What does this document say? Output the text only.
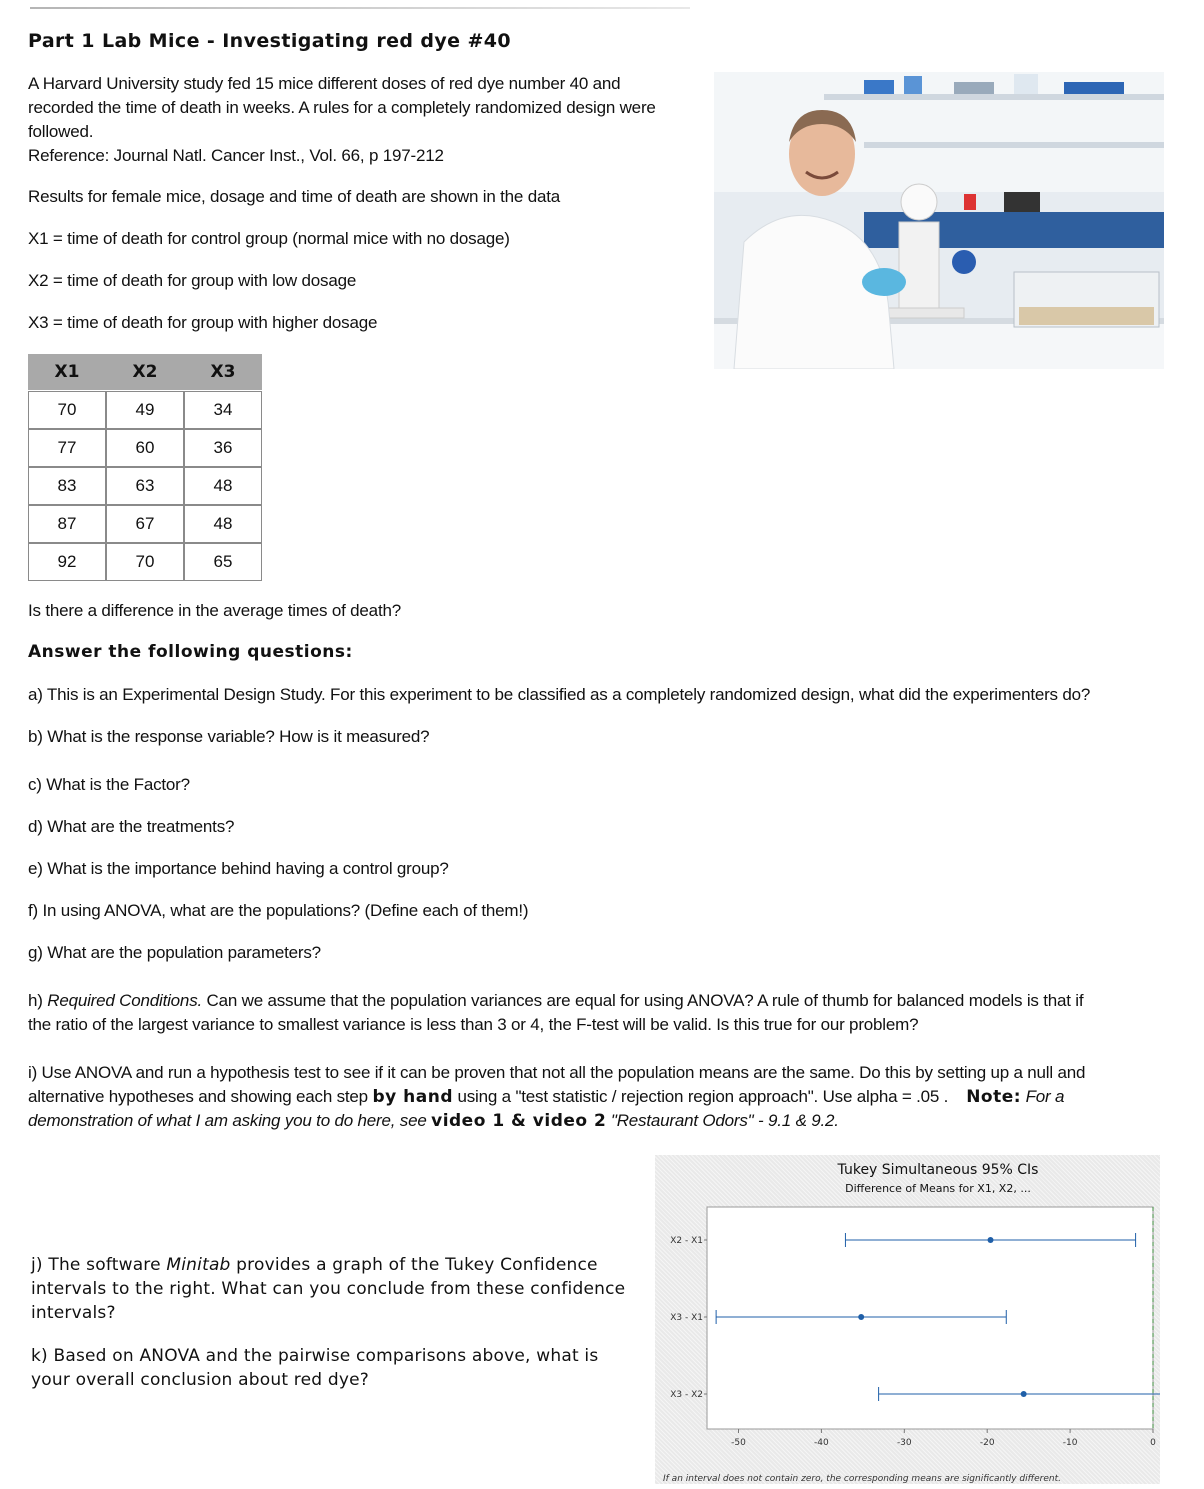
Part 1 Lab Mice - Investigating red dye #40
A Harvard University study fed 15 mice different doses of red dye number 40 and
recorded the time of death in weeks. A rules for a completely randomized design were
followed.
Reference: Journal Natl. Cancer Inst., Vol. 66, p 197-212
Results for female mice, dosage and time of death are shown in the data
X1 = time of death for control group (normal mice with no dosage)
X2 = time of death for group with low dosage
X3 = time of death for group with higher dosage
X1	X2	X3

70	49	34
77	60	36
83	63	48
87	67	48
92	70	65
Is there a difference in the average times of death?
Answer the following questions:
a) This is an Experimental Design Study. For this experiment to be classified as a completely randomized design, what did the experimenters do?
b) What is the response variable? How is it measured?
c) What is the Factor?
d) What are the treatments?
e) What is the importance behind having a control group?
f) In using ANOVA, what are the populations? (Define each of them!)
g) What are the population parameters?
h) Required Conditions. Can we assume that the population variances are equal for using ANOVA? A rule of thumb for balanced models is that if
the ratio of the largest variance to smallest variance is less than 3 or 4, the F-test will be valid. Is this true for our problem?
i) Use ANOVA and run a hypothesis test to see if it can be proven that not all the population means are the same. Do this by setting up a null and
alternative hypotheses and showing each step by hand using a "test statistic / rejection region approach". Use alpha = .05 . Note: For a
demonstration of what I am asking you to do here, see video 1 & video 2 "Restaurant Odors" - 9.1 & 9.2.
j) The software Minitab provides a graph of the Tukey Confidence
intervals to the right. What can you conclude from these confidence
intervals?
k) Based on ANOVA and the pairwise comparisons above, what is
your overall conclusion about red dye?
Tukey Simultaneous 95% CIs
Difference of Means for X1, X2, ...
-50	-40	-30	-20	-10	0
X2 - X1
X3 - X1
X3 - X2
If an interval does not contain zero, the corresponding means are significantly different.
